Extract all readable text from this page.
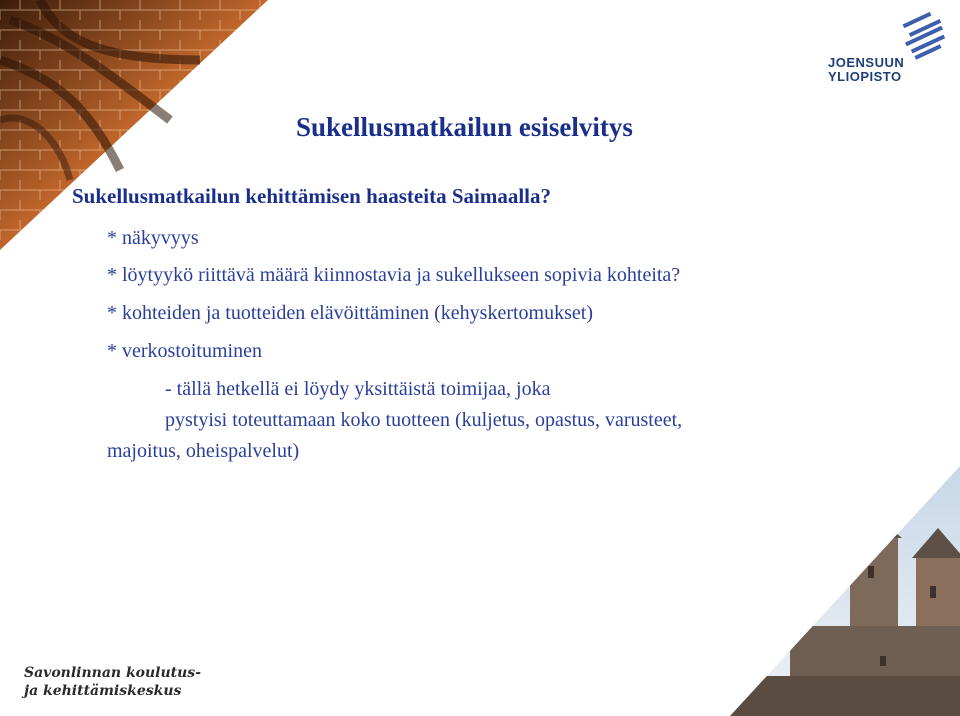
JOENSUUN
YLIOPISTO
Sukellusmatkailun esiselvitys
Sukellusmatkailun kehittämisen haasteita Saimaalla?

* näkyvyys

* löytyykö riittävä määrä kiinnostavia ja sukellukseen sopivia kohteita?

* kohteiden ja tuotteiden elävöittäminen (kehyskertomukset)

* verkostoituminen

- tällä hetkellä ei löydy yksittäistä toimijaa, joka

pystyisi toteuttamaan koko tuotteen (kuljetus, opastus, varusteet,

majoitus, oheispalvelut)

Savonlinnan koulutus-
ja kehittämiskeskus
